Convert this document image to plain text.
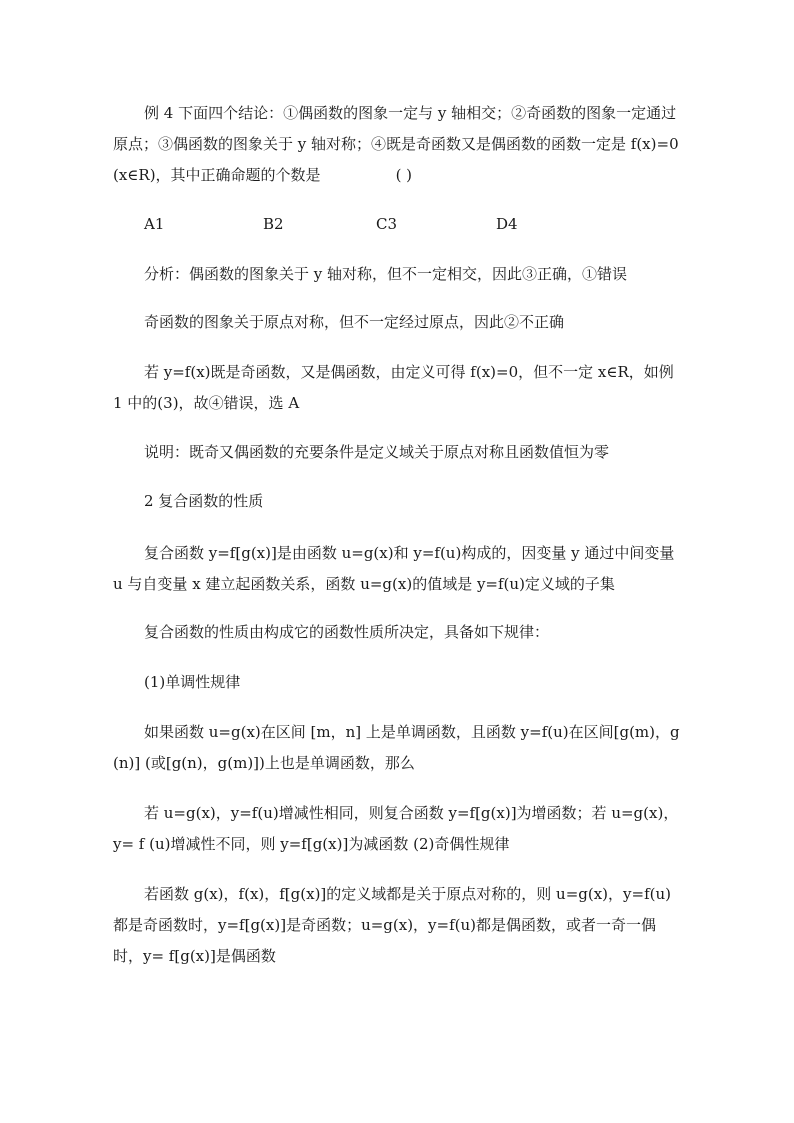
例 4 下面四个结论：①偶函数的图象一定与 y 轴相交；②奇函数的图象一定通过原点；③偶函数的图象关于 y 轴对称；④既是奇函数又是偶函数的函数一定是 f(x)=0(x∈R)，其中正确命题的个数是	( )

A1	B2	C3	D4

分析：偶函数的图象关于 y 轴对称，但不一定相交，因此③正确，①错误

奇函数的图象关于原点对称，但不一定经过原点，因此②不正确

若 y=f(x)既是奇函数，又是偶函数，由定义可得 f(x)=0，但不一定 x∈R，如例 1 中的(3)，故④错误，选 A

说明：既奇又偶函数的充要条件是定义域关于原点对称且函数值恒为零

2 复合函数的性质

复合函数 y=f[g(x)]是由函数 u=g(x)和 y=f(u)构成的，因变量 y 通过中间变量 u 与自变量 x 建立起函数关系，函数 u=g(x)的值域是 y=f(u)定义域的子集

复合函数的性质由构成它的函数性质所决定，具备如下规律：

(1)单调性规律

如果函数 u=g(x)在区间 [m，n] 上是单调函数，且函数 y=f(u)在区间[g(m)，g(n)] (或[g(n)，g(m)])上也是单调函数，那么

若 u=g(x)，y=f(u)增减性相同，则复合函数 y=f[g(x)]为增函数；若 u=g(x)，y= f (u)增减性不同，则 y=f[g(x)]为减函数 (2)奇偶性规律

若函数 g(x)，f(x)，f[g(x)]的定义域都是关于原点对称的，则 u=g(x)，y=f(u)都是奇函数时，y=f[g(x)]是奇函数；u=g(x)，y=f(u)都是偶函数，或者一奇一偶时，y= f[g(x)]是偶函数
